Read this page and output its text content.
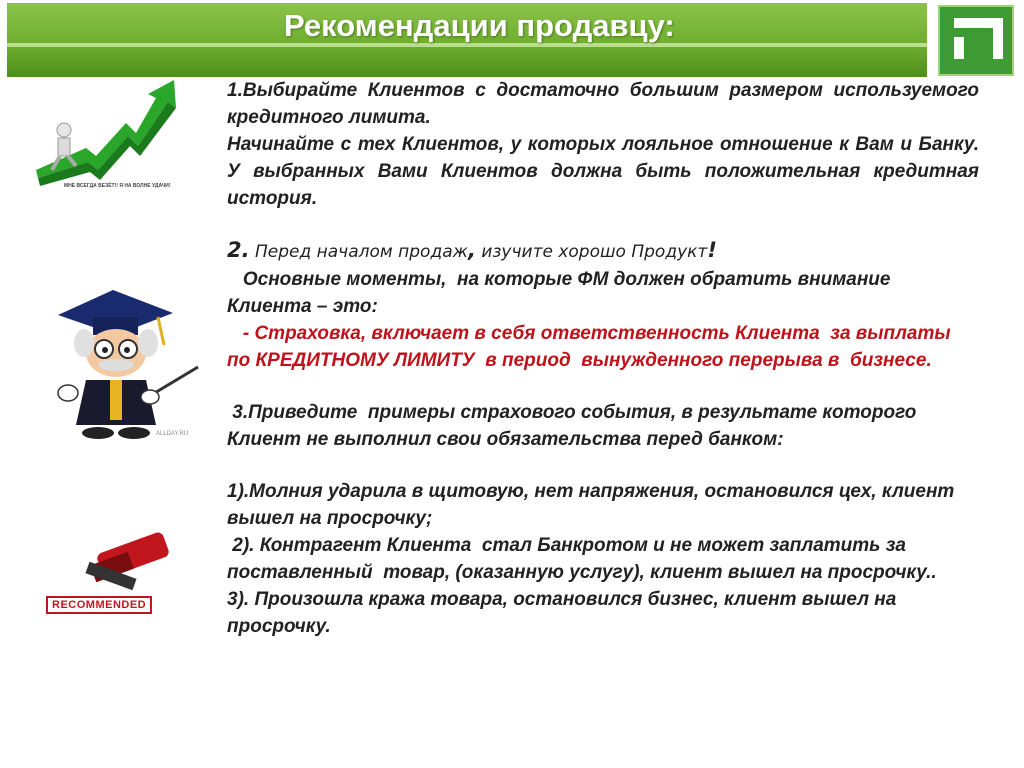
Рекомендации продавцу:
МНЕ ВСЕГДА ВЕЗЁТ!! Я НА ВОЛНЕ УДАЧИ!
ALLDAY.RU
RECOMMENDED

1.Выбирайте Клиентов с достаточно большим размером используемого кредитного лимита.

Начинайте с тех Клиентов, у которых лояльное отношение к Вам и Банку. У выбранных Вами Клиентов должна быть положительная кредитная история.

2. Перед началом продаж, изучите хорошо Продукт!

Основные моменты,  на которые ФМ должен обратить внимание Клиента – это:

- Страховка, включает в себя ответственность Клиента  за выплаты  по КРЕДИТНОМУ ЛИМИТУ  в период  вынужденного перерыва в  бизнесе.

3.Приведите  примеры страхового события, в результате которого  Клиент не выполнил свои обязательства перед банком:

1).Молния ударила в щитовую, нет напряжения, остановился цех, клиент вышел на просрочку;

2). Контрагент Клиента  стал Банкротом и не может заплатить за     поставленный  товар, (оказанную услугу), клиент вышел на просрочку..

3). Произошла кража товара, остановился бизнес, клиент вышел на просрочку.
